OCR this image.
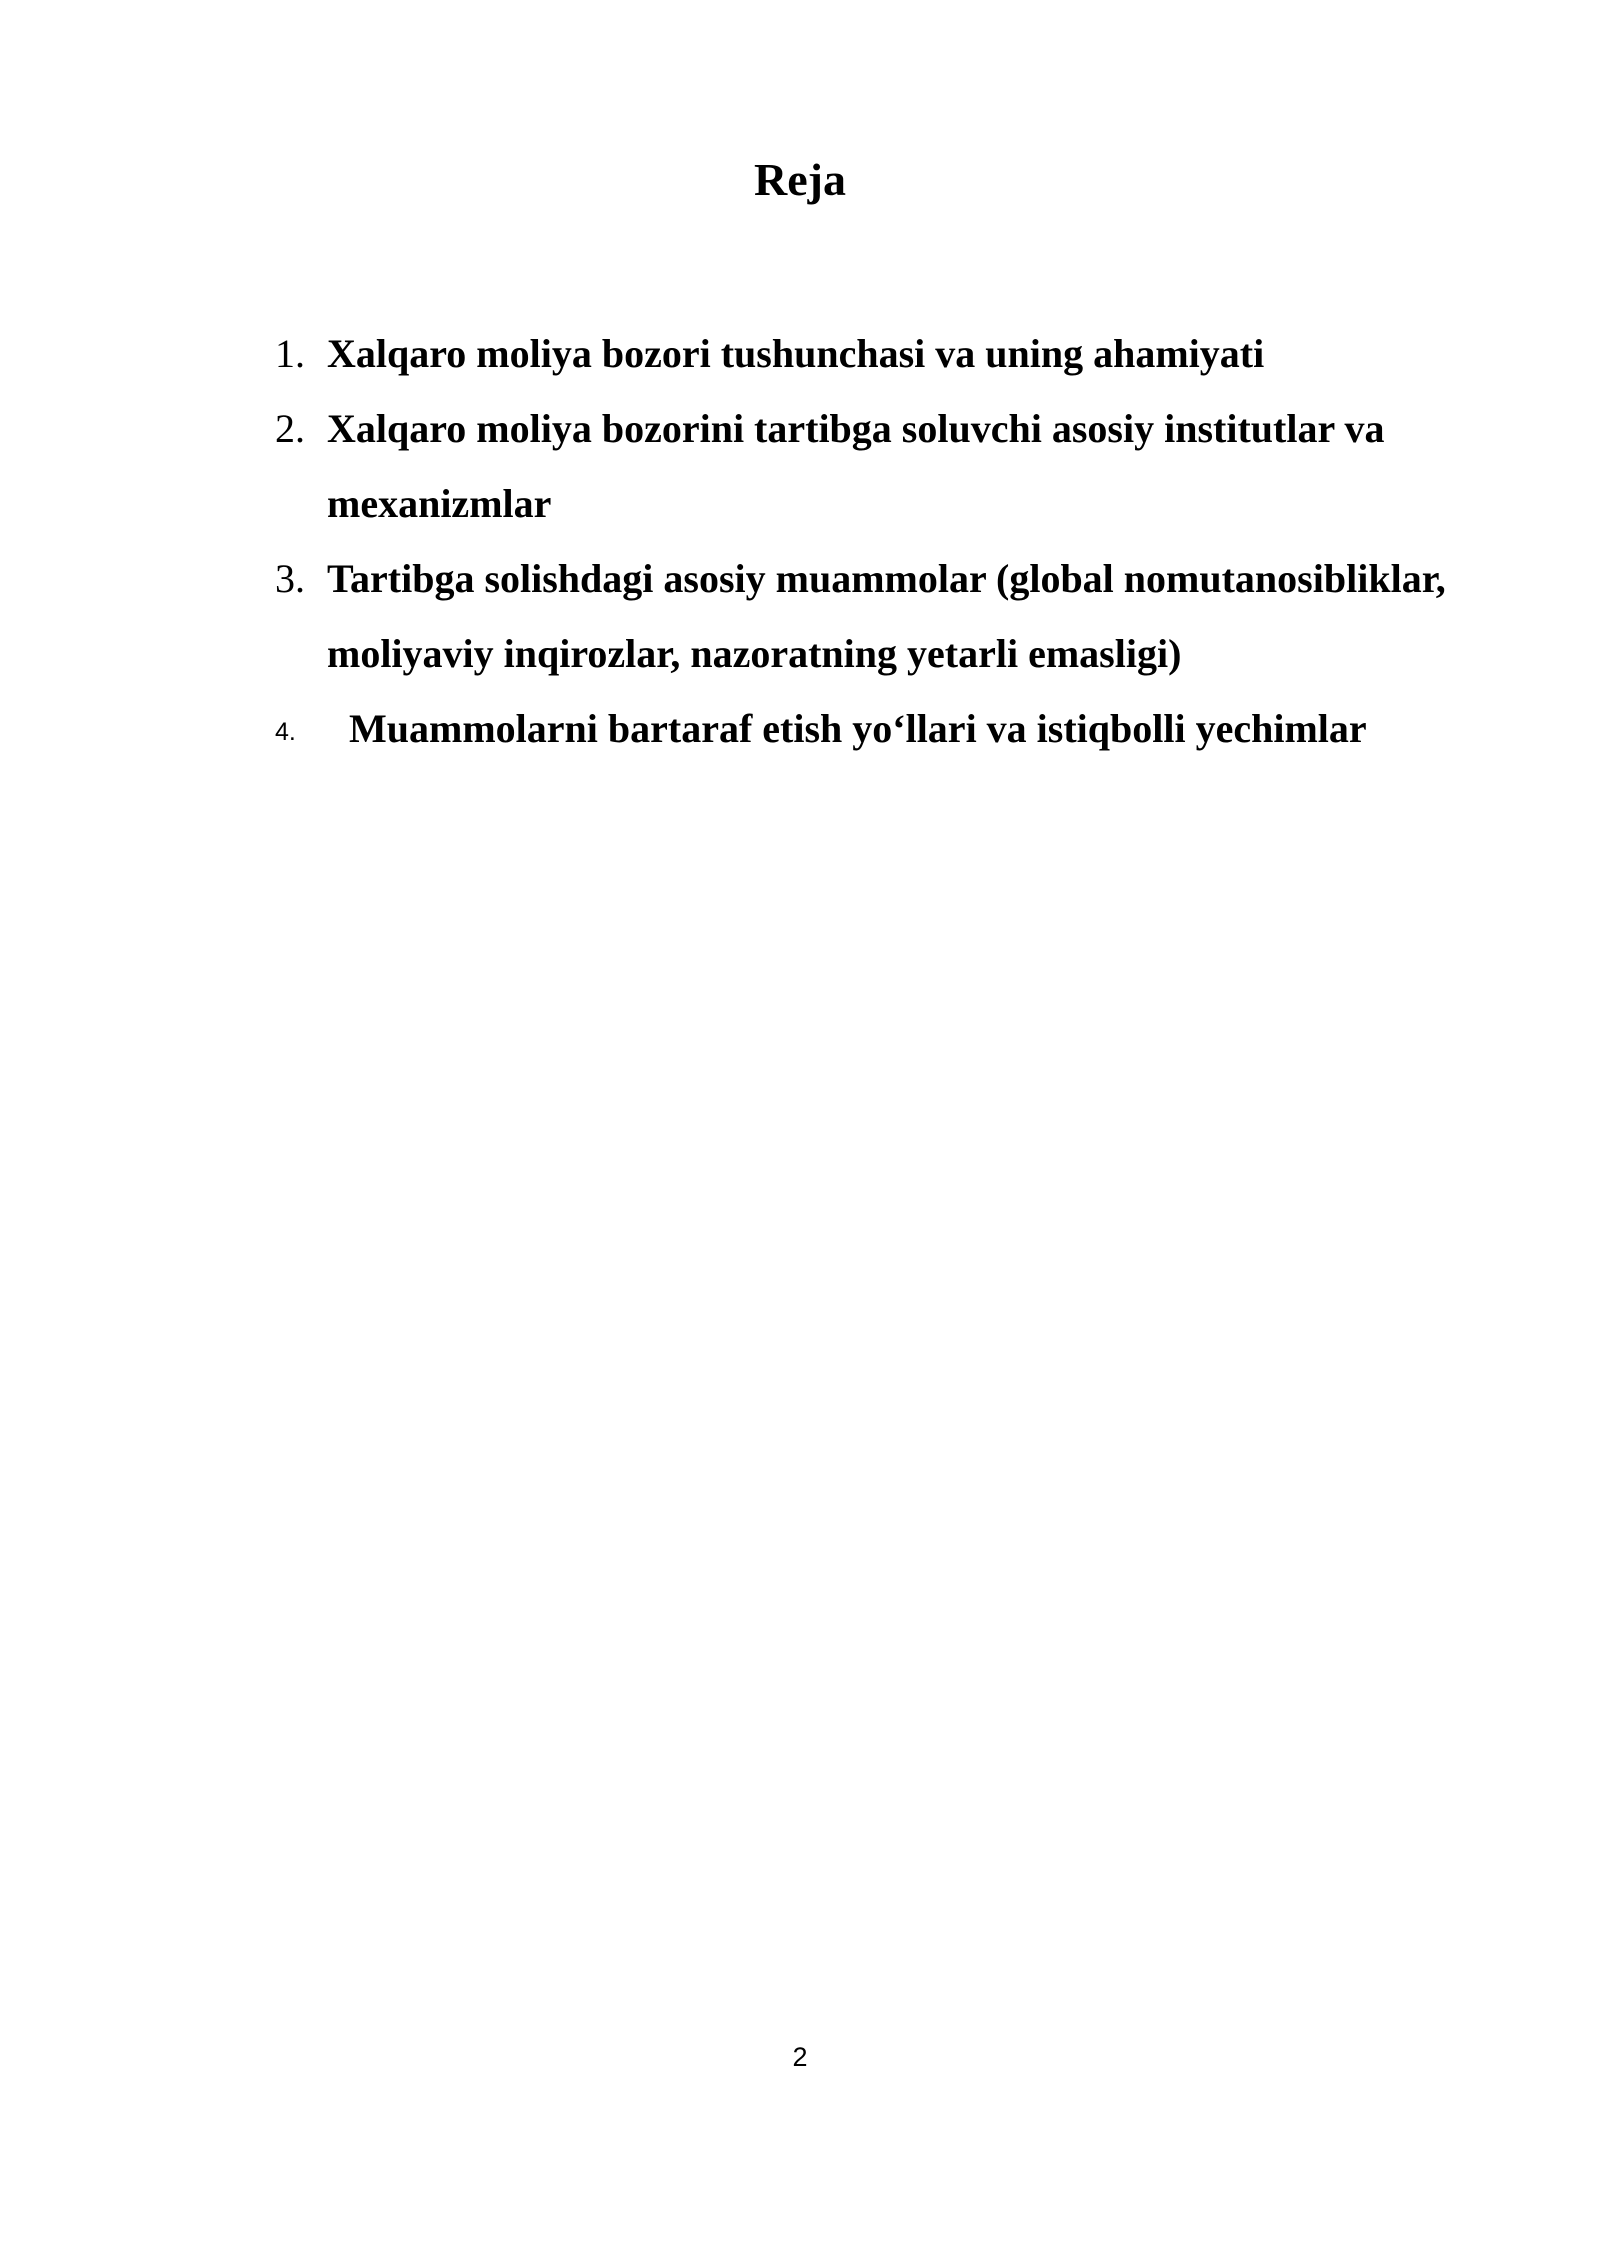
Reja
1. Xalqaro moliya bozori tushunchasi va uning ahamiyati
2. Xalqaro moliya bozorini tartibga soluvchi asosiy institutlar va mexanizmlar
3. Tartibga solishdagi asosiy muammolar (global nomutanosibliklar, moliyaviy inqirozlar, nazoratning yetarli emasligi)
4. Muammolarni bartaraf etish yo‘llari va istiqbolli yechimlar
2
